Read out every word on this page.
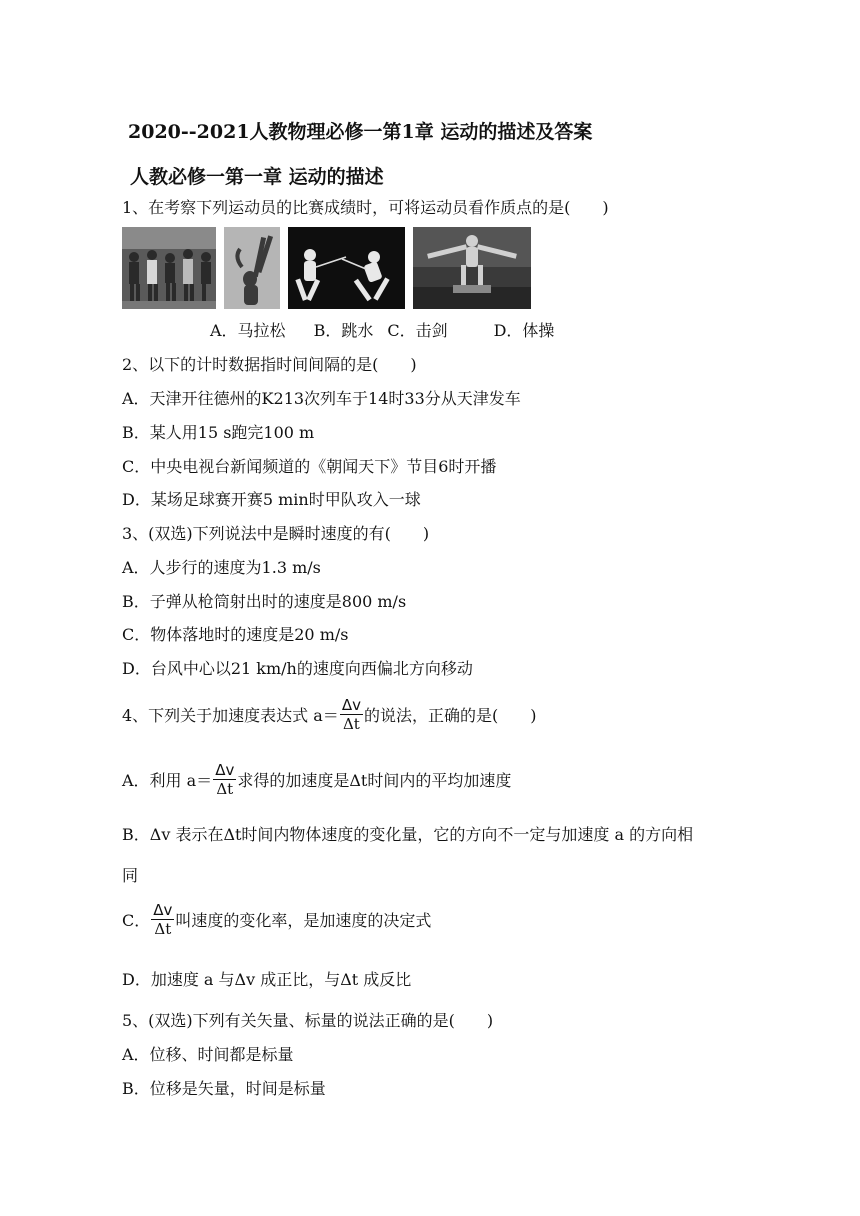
2020--2021人教物理必修一第1章 运动的描述及答案
人教必修一第一章 运动的描述
1、在考察下列运动员的比赛成绩时，可将运动员看作质点的是(　　)
A．马拉松 B．跳水 C．击剑	D．体操
2、以下的计时数据指时间间隔的是(　　)
A．天津开往德州的K213次列车于14时33分从天津发车
B．某人用15 s跑完100 m
C．中央电视台新闻频道的《朝闻天下》节目6时开播
D．某场足球赛开赛5 min时甲队攻入一球
3、(双选)下列说法中是瞬时速度的有(　　)
A．人步行的速度为1.3 m/s
B．子弹从枪筒射出时的速度是800 m/s
C．物体落地时的速度是20 m/s
D．台风中心以21 km/h的速度向西偏北方向移动
4、下列关于加速度表达式 $a= \frac{\Delta v}{\Delta t}$ 的说法，正确的是(　　)
A．利用 $a= \frac{\Delta v}{\Delta t}$ 求得的加速度是Δt时间内的平均加速度
B．Δv 表示在Δt时间内物体速度的变化量，它的方向不一定与加速度 a 的方向相
同
C． $\frac{\Delta v}{\Delta t}$ 叫速度的变化率，是加速度的决定式
D．加速度 a 与Δv 成正比，与Δt 成反比
5、(双选)下列有关矢量、标量的说法正确的是(　　)
A．位移、时间都是标量
B．位移是矢量，时间是标量
